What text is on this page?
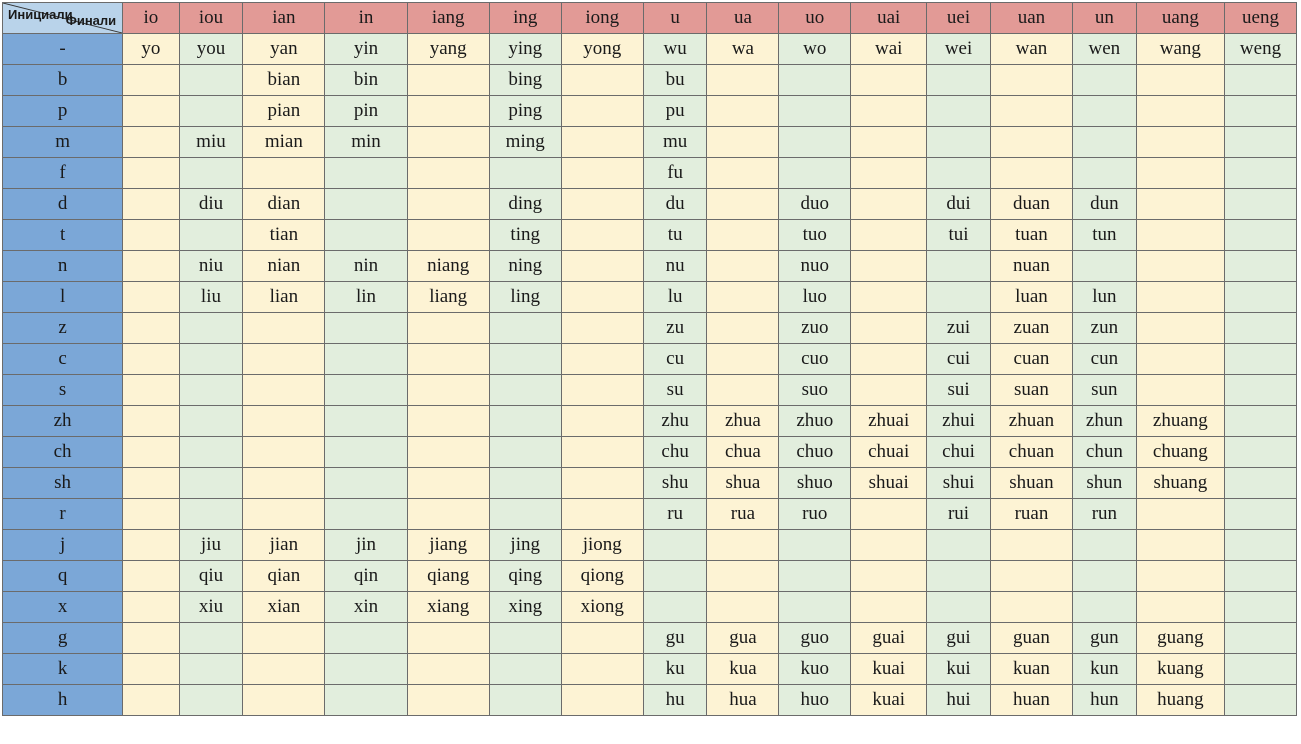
Финали
Инициали	io	iou	ian	in	iang	ing	iong	u	ua	uo	uai	uei	uan	un	uang	ueng
-	yo	you	yan	yin	yang	ying	yong	wu	wa	wo	wai	wei	wan	wen	wang	weng
b			bian	bin		bing		bu								
p			pian	pin		ping		pu								
m		miu	mian	min		ming		mu								
f								fu								
d		diu	dian			ding		du		duo		dui	duan	dun		
t			tian			ting		tu		tuo		tui	tuan	tun		
n		niu	nian	nin	niang	ning		nu		nuo			nuan			
l		liu	lian	lin	liang	ling		lu		luo			luan	lun		
z								zu		zuo		zui	zuan	zun		
c								cu		cuo		cui	cuan	cun		
s								su		suo		sui	suan	sun		
zh								zhu	zhua	zhuo	zhuai	zhui	zhuan	zhun	zhuang	
ch								chu	chua	chuo	chuai	chui	chuan	chun	chuang	
sh								shu	shua	shuo	shuai	shui	shuan	shun	shuang	
r								ru	rua	ruo		rui	ruan	run		
j		jiu	jian	jin	jiang	jing	jiong									
q		qiu	qian	qin	qiang	qing	qiong									
x		xiu	xian	xin	xiang	xing	xiong									
g								gu	gua	guo	guai	gui	guan	gun	guang	
k								ku	kua	kuo	kuai	kui	kuan	kun	kuang	
h								hu	hua	huo	kuai	hui	huan	hun	huang	
